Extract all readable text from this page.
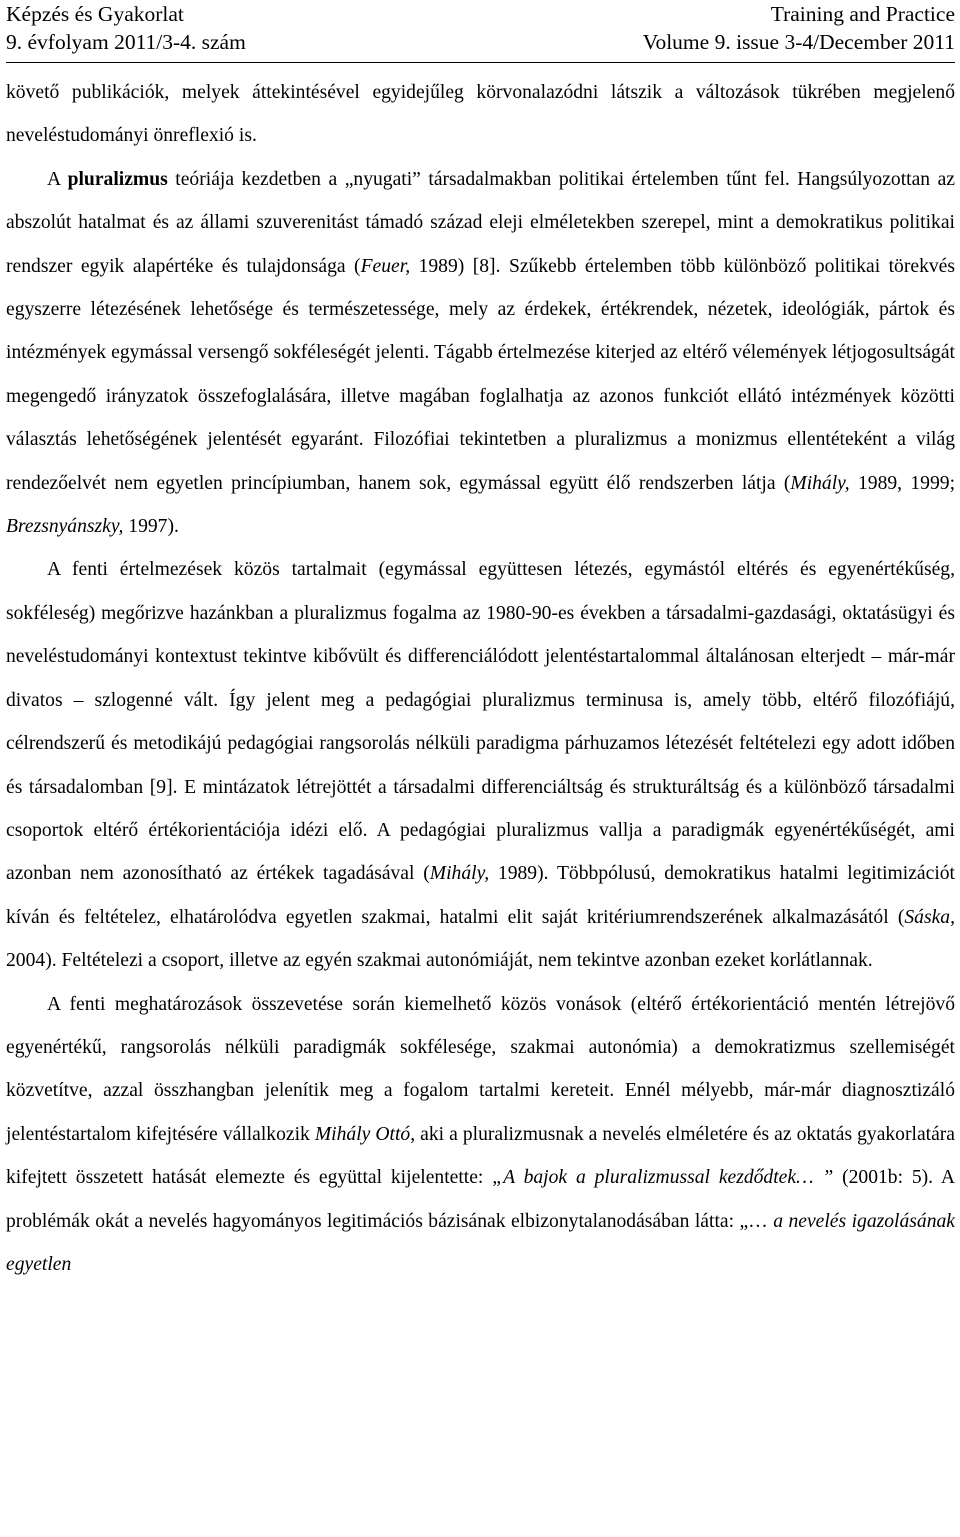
Képzés és Gyakorlat	Training and Practice
9. évfolyam 2011/3-4. szám	Volume 9. issue 3-4/December 2011

követő publikációk, melyek áttekintésével egyidejűleg körvonalazódni látszik a változások tükrében megjelenő neveléstudományi önreflexió is.

A pluralizmus teóriája kezdetben a „nyugati” társadalmakban politikai értelemben tűnt fel. Hangsúlyozottan az abszolút hatalmat és az állami szuverenitást támadó század eleji elméletekben szerepel, mint a demokratikus politikai rendszer egyik alapértéke és tulajdonsága (Feuer, 1989) [8]. Szűkebb értelemben több különböző politikai törekvés egyszerre létezésének lehetősége és természetessége, mely az érdekek, értékrendek, nézetek, ideológiák, pártok és intézmények egymással versengő sokféleségét jelenti. Tágabb értelmezése kiterjed az eltérő vélemények létjogosultságát megengedő irányzatok összefoglalására, illetve magában foglalhatja az azonos funkciót ellátó intézmények közötti választás lehetőségének jelentését egyaránt. Filozófiai tekintetben a pluralizmus a monizmus ellentéteként a világ rendezőelvét nem egyetlen princípiumban, hanem sok, egymással együtt élő rendszerben látja (Mihály, 1989, 1999; Brezsnyánszky, 1997).

A fenti értelmezések közös tartalmait (egymással együttesen létezés, egymástól eltérés és egyenértékűség, sokféleség) megőrizve hazánkban a pluralizmus fogalma az 1980-90-es években a társadalmi-gazdasági, oktatásügyi és neveléstudományi kontextust tekintve kibővült és differenciálódott jelentéstartalommal általánosan elterjedt – már-már divatos – szlogenné vált. Így jelent meg a pedagógiai pluralizmus terminusa is, amely több, eltérő filozófiájú, célrendszerű és metodikájú pedagógiai rangsorolás nélküli paradigma párhuzamos létezését feltételezi egy adott időben és társadalomban [9]. E mintázatok létrejöttét a társadalmi differenciáltság és strukturáltság és a különböző társadalmi csoportok eltérő értékorientációja idézi elő. A pedagógiai pluralizmus vallja a paradigmák egyenértékűségét, ami azonban nem azonosítható az értékek tagadásával (Mihály, 1989). Többpólusú, demokratikus hatalmi legitimizációt kíván és feltételez, elhatárolódva egyetlen szakmai, hatalmi elit saját kritériumrendszerének alkalmazásától (Sáska, 2004). Feltételezi a csoport, illetve az egyén szakmai autonómiáját, nem tekintve azonban ezeket korlátlannak.

A fenti meghatározások összevetése során kiemelhető közös vonások (eltérő értékorientáció mentén létrejövő egyenértékű, rangsorolás nélküli paradigmák sokfélesége, szakmai autonómia) a demokratizmus szellemiségét közvetítve, azzal összhangban jelenítik meg a fogalom tartalmi kereteit. Ennél mélyebb, már-már diagnosztizáló jelentéstartalom kifejtésére vállalkozik Mihály Ottó, aki a pluralizmusnak a nevelés elméletére és az oktatás gyakorlatára kifejtett összetett hatását elemezte és együttal kijelentette: „A bajok a pluralizmussal kezdődtek… ” (2001b: 5). A problémák okát a nevelés hagyományos legitimációs bázisának elbizonytalanodásában látta: „… a nevelés igazolásának egyetlen
